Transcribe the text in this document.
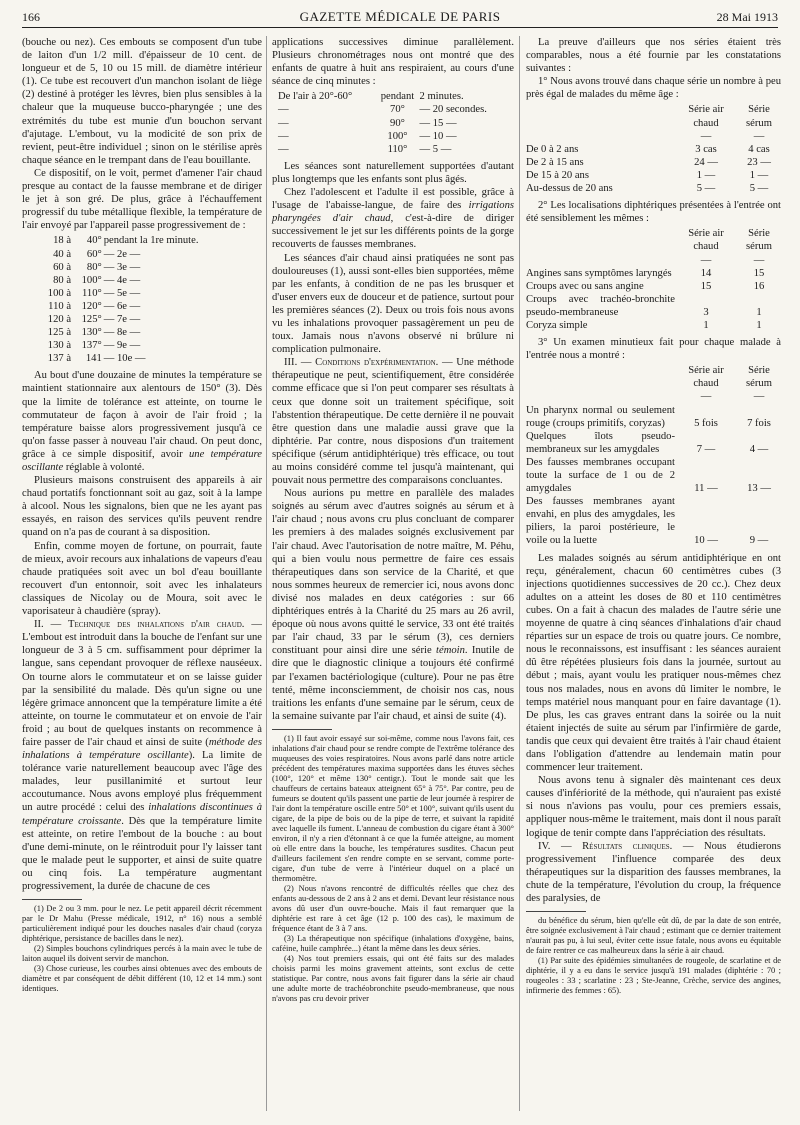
166	GAZETTE MÉDICALE DE PARIS	28 Mai 1913

(bouche ou nez). Ces embouts se composent d'un tube de laiton d'un 1/2 mill. d'épaisseur de 10 cent. de longueur et de 5, 10 ou 15 mill. de diamètre intérieur (1). Ce tube est recouvert d'un manchon isolant de liège (2) destiné à protéger les lèvres, bien plus sensibles à la chaleur que la muqueuse bucco-pharyngée ; une des extrémités du tube est munie d'un bouchon servant d'ajutage. L'embout, vu la modicité de son prix de revient, peut-être individuel ; sinon on le stérilise après chaque séance en le trempant dans de l'eau bouillante.

Ce dispositif, on le voit, permet d'amener l'air chaud presque au contact de la fausse membrane et de diriger le jet à son gré. De plus, grâce à l'échauffement progressif du tube métallique flexible, la température de l'air envoyé par l'appareil passe progressivement de :

18 à	40°	pendant la 1re minute.
40 à	60°	— 2e —
60 à	80°	— 3e —
80 à	100°	— 4e —
100 à	110°	— 5e —
110 à	120°	— 6e —
120 à	125°	— 7e —
125 à	130°	— 8e —
130 à	137°	— 9e —
137 à	141	— 10e —

Au bout d'une douzaine de minutes la température se maintient stationnaire aux alentours de 150° (3). Dès que la limite de tolérance est atteinte, on tourne le commutateur de façon à avoir de l'air froid ; la température baisse alors progressivement jusqu'à ce qu'on fasse passer à nouveau l'air chaud. On peut donc, grâce à ce simple dispositif, avoir une température oscillante réglable à volonté.

Plusieurs maisons construisent des appareils à air chaud portatifs fonctionnant soit au gaz, soit à la lampe à alcool. Nous les signalons, bien que ne les ayant pas essayés, en raison des services qu'ils peuvent rendre quand on n'a pas de courant à sa disposition.

Enfin, comme moyen de fortune, on pourrait, faute de mieux, avoir recours aux inhalations de vapeurs d'eau chaude pratiquées soit avec un bol d'eau bouillante recouvert d'un entonnoir, soit avec les inhalateurs classiques de Nicolay ou de Moura, soit avec le vaporisateur à chaudière (spray).

II. — Technique des inhalations d'air chaud. — L'embout est introduit dans la bouche de l'enfant sur une longueur de 3 à 5 cm. suffisamment pour déprimer la langue, sans cependant provoquer de réflexe nauséeux. On tourne alors le commutateur et on se laisse guider par la sensibilité du malade. Dès qu'un signe ou une légère grimace annoncent que la température limite a été atteinte, on tourne le commutateur et on envoie de l'air froid ; au bout de quelques instants on recommence à faire passer de l'air chaud et ainsi de suite (méthode des inhalations à température oscillante). La limite de tolérance varie naturellement beaucoup avec l'âge des malades, leur pusillanimité et surtout leur accoutumance. Nous avons employé plus fréquemment un autre procédé : celui des inhalations discontinues à température croissante. Dès que la température limite est atteinte, on retire l'embout de la bouche : au bout d'une demi-minute, on le réintroduit pour l'y laisser tant que le malade peut le supporter, et ainsi de suite quatre ou cinq fois. La température augmentant progressivement, la durée de chacune de ces

(1) De 2 ou 3 mm. pour le nez. Le petit appareil décrit récemment par le Dr Mahu (Presse médicale, 1912, n° 16) nous a semblé particulièrement indiqué pour les douches nasales d'air chaud (coryza diphtérique, persistance de bacilles dans le nez).

(2) Simples bouchons cylindriques percés à la main avec le tube de laiton auquel ils doivent servir de manchon.

(3) Chose curieuse, les courbes ainsi obtenues avec des embouts de diamètre et par conséquent de débit différent (10, 12 et 14 mm.) sont identiques.

applications successives diminue parallèlement. Plusieurs chronométrages nous ont montré que des enfants de quatre à huit ans respiraient, au cours d'une séance de cinq minutes :

De l'air à 20°-60°	pendant	2 minutes.
—	70°	— 20 secondes.
—	90°	— 15 —
—	100°	— 10 —
—	110°	— 5 —

Les séances sont naturellement supportées d'autant plus longtemps que les enfants sont plus âgés.

Chez l'adolescent et l'adulte il est possible, grâce à l'usage de l'abaisse-langue, de faire des irrigations pharyngées d'air chaud, c'est-à-dire de diriger successivement le jet sur les différents points de la gorge recouverts de fausses membranes.

Les séances d'air chaud ainsi pratiquées ne sont pas douloureuses (1), aussi sont-elles bien supportées, même par les enfants, à condition de ne pas les brusquer et d'user envers eux de douceur et de patience, surtout pour les premières séances (2). Deux ou trois fois nous avons vu les inhalations provoquer passagèrement un peu de toux. Jamais nous n'avons observé ni brûlure ni complication pulmonaire.

III. — Conditions d'expérimentation. — Une méthode thérapeutique ne peut, scientifiquement, être considérée comme efficace que si l'on peut comparer ses résultats à ceux que donne soit un traitement spécifique, soit l'abstention thérapeutique. De cette dernière il ne pouvait être question dans une maladie aussi grave que la diphtérie. Par contre, nous disposions d'un traitement spécifique (sérum antidiphtérique) très efficace, ou tout au moins considéré comme tel jusqu'à maintenant, qui pouvait nous permettre des comparaisons concluantes.

Nous aurions pu mettre en parallèle des malades soignés au sérum avec d'autres soignés au sérum et à l'air chaud ; nous avons cru plus concluant de comparer les premiers à des malades soignés exclusivement par l'air chaud. Avec l'autorisation de notre maître, M. Péhu, qui a bien voulu nous permettre de faire ces essais thérapeutiques dans son service de la Charité, et que nous sommes heureux de remercier ici, nous avons donc divisé nos malades en deux catégories : sur 66 diphtériques entrés à la Charité du 25 mars au 26 avril, époque où nous avons quitté le service, 33 ont été traités par l'air chaud, 33 par le sérum (3), ces derniers constituant pour ainsi dire une série témoin. Inutile de dire que le diagnostic clinique a toujours été confirmé par l'examen bactériologique (culture). Pour ne pas être tenté, même inconsciemment, de choisir nos cas, nous traitions les enfants d'une semaine par le sérum, ceux de la semaine suivante par l'air chaud, et ainsi de suite (4).

(1) Il faut avoir essayé sur soi-même, comme nous l'avons fait, ces inhalations d'air chaud pour se rendre compte de l'extrême tolérance des muqueuses des voies respiratoires. Nous avons parlé dans notre article précédent des températures maxima supportées dans les étuves sèches (100°, 120° et même 130° centigr.). Tout le monde sait que les chauffeurs de certains bateaux atteignent 65° à 75°. Par contre, peu de fumeurs se doutent qu'ils passent une partie de leur journée à respirer de l'air dont la température oscille entre 50° et 100°, suivant qu'ils usent du cigare, de la pipe de bois ou de la pipe de terre, et suivant la rapidité avec laquelle ils fument. L'anneau de combustion du cigare étant à 300° environ, il n'y a rien d'étonnant à ce que la fumée atteigne, au moment où elle entre dans la bouche, les températures susdites. Chacun peut d'ailleurs facilement s'en rendre compte en se servant, comme porte-cigare, d'un tube de verre à l'intérieur duquel on a placé un thermomètre.

(2) Nous n'avons rencontré de difficultés réelles que chez des enfants au-dessous de 2 ans à 2 ans et demi. Devant leur résistance nous avons dû user d'un ouvre-bouche. Mais il faut remarquer que la diphtérie est rare à cet âge (12 p. 100 des cas), le maximum de fréquence étant de 3 à 7 ans.

(3) La thérapeutique non spécifique (inhalations d'oxygène, bains, caféine, huile camphrée...) étant la même dans les deux séries.

(4) Nos tout premiers essais, qui ont été faits sur des malades choisis parmi les moins gravement atteints, sont exclus de cette statistique. Par contre, nous avons fait figurer dans la série air chaud une adulte morte de trachéobronchite pseudo-membraneuse, que nous n'avons pas cru devoir priver

La preuve d'ailleurs que nos séries étaient très comparables, nous a été fournie par les constatations suivantes :

1° Nous avons trouvé dans chaque série un nombre à peu près égal de malades du même âge :

	Série air chaud	Série sérum
	—	—
De 0 à 2 ans	3 cas	4 cas
De 2 à 15 ans	24 —	23 —
De 15 à 20 ans	1 —	1 —
Au-dessus de 20 ans	5 —	5 —

2° Les localisations diphtériques présentées à l'entrée ont été sensiblement les mêmes :

	Série air chaud	Série sérum
	—	—
Angines sans symptômes laryngés	14	15
Croups avec ou sans angine	15	16
Croups avec trachéo-bronchite pseudo-membraneuse	3	1
Coryza simple	1	1

3° Un examen minutieux fait pour chaque malade à l'entrée nous a montré :

	Série air chaud	Série sérum
	—	—
Un pharynx normal ou seulement rouge (croups primitifs, coryzas)	5 fois	7 fois
Quelques îlots pseudo-membraneux sur les amygdales	7 —	4 —
Des fausses membranes occupant toute la surface de 1 ou de 2 amygdales	11 —	13 —
Des fausses membranes ayant envahi, en plus des amygdales, les piliers, la paroi postérieure, le voile ou la luette	10 —	9 —

Les malades soignés au sérum antidiphtérique en ont reçu, généralement, chacun 60 centimètres cubes (3 injections quotidiennes successives de 20 cc.). Chez deux adultes on a atteint les doses de 80 et 110 centimètres cubes. On a fait à chacun des malades de l'autre série une moyenne de quatre à cinq séances d'inhalations d'air chaud réparties sur un espace de trois ou quatre jours. Ce nombre, nous le reconnaissons, est insuffisant : les séances auraient dû être répétées plusieurs fois dans la journée, surtout au début ; mais, ayant voulu les pratiquer nous-mêmes chez tous nos malades, nous en avons dû limiter le nombre, le temps matériel nous manquant pour en faire davantage (1). De plus, les cas graves entrant dans la soirée ou la nuit étaient injectés de suite au sérum par l'infirmière de garde, tandis que ceux qui devaient être traités à l'air chaud étaient dans l'obligation d'attendre au lendemain matin pour commencer leur traitement.

Nous avons tenu à signaler dès maintenant ces deux causes d'infériorité de la méthode, qui n'auraient pas existé si nous n'avions pas voulu, pour ces premiers essais, appliquer nous-même le traitement, mais dont il nous paraît logique de tenir compte dans l'appréciation des résultats.

IV. — Résultats cliniques. — Nous étudierons progressivement l'influence comparée des deux thérapeutiques sur la disparition des fausses membranes, la chute de la température, l'évolution du croup, la fréquence des paralysies, de

du bénéfice du sérum, bien qu'elle eût dû, de par la date de son entrée, être soignée exclusivement à l'air chaud ; estimant que ce dernier traitement n'aurait pas pu, à lui seul, éviter cette issue fatale, nous avons eu équitable de faire rentrer ce cas malheureux dans la série à air chaud.

(1) Par suite des épidémies simultanées de rougeole, de scarlatine et de diphtérie, il y a eu dans le service jusqu'à 191 malades (diphtérie : 70 ; rougeoles : 33 ; scarlatine : 23 ; Ste-Jeanne, Crèche, service des angines, infirmerie des femmes : 65).
